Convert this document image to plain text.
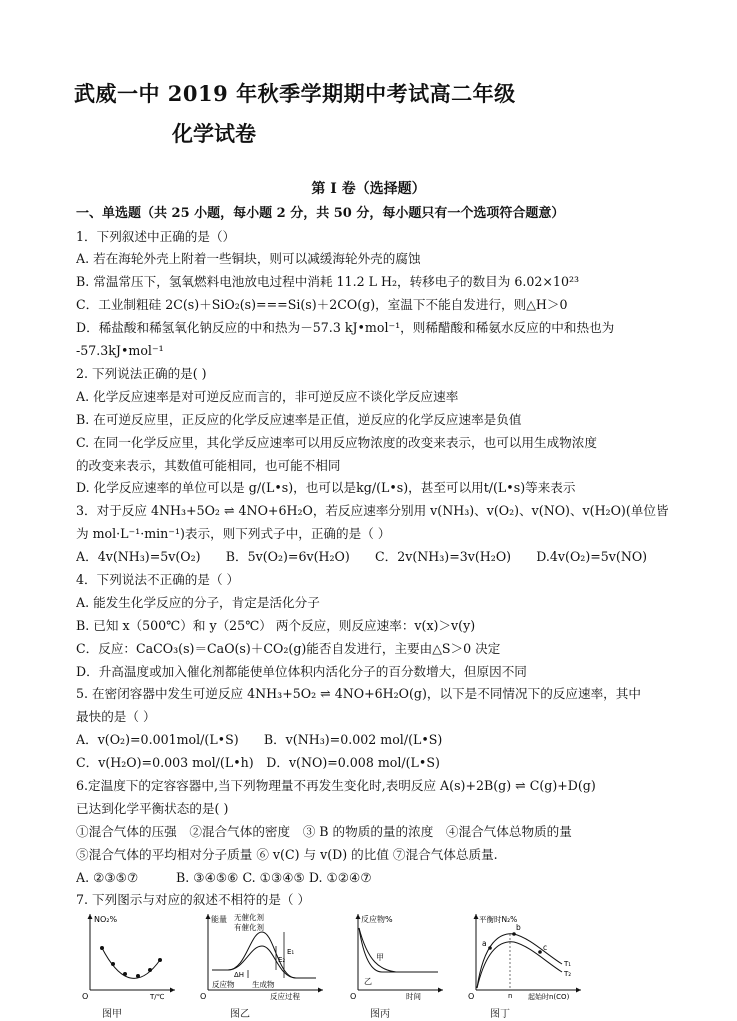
武威一中 2019 年秋季学期期中考试高二年级
化学试卷
第 I 卷（选择题）
一、单选题（共 25 小题，每小题 2 分，共 50 分，每小题只有一个选项符合题意）
1．下列叙述中正确的是（）
A. 若在海轮外壳上附着一些铜块，则可以减缓海轮外壳的腐蚀
B. 常温常压下，氢氧燃料电池放电过程中消耗 11.2 L H₂，转移电子的数目为 6.02×10²³
C．工业制粗硅 2C(s)＋SiO₂(s)===Si(s)＋2CO(g)，室温下不能自发进行，则△H＞0
D．稀盐酸和稀氢氧化钠反应的中和热为－57.3 kJ•mol⁻¹，则稀醋酸和稀氨水反应的中和热也为
-57.3kJ•mol⁻¹
2. 下列说法正确的是( )
A. 化学反应速率是对可逆反应而言的，非可逆反应不谈化学反应速率
B. 在可逆反应里，正反应的化学反应速率是正值，逆反应的化学反应速率是负值
C. 在同一化学反应里，其化学反应速率可以用反应物浓度的改变来表示，也可以用生成物浓度
的改变来表示，其数值可能相同，也可能不相同
D. 化学反应速率的单位可以是 g/(L•s)，也可以是kg/(L•s)，甚至可以用t/(L•s)等来表示
3．对于反应 4NH₃+5O₂ ⇌ 4NO+6H₂O，若反应速率分别用 v(NH₃)、v(O₂)、v(NO)、v(H₂O)(单位皆
为 mol·L⁻¹·min⁻¹)表示，则下列式子中，正确的是（ ）
A．4v(NH₃)=5v(O₂)　　B．5v(O₂)=6v(H₂O)　　C．2v(NH₃)=3v(H₂O)　　D.4v(O₂)=5v(NO)
4．下列说法不正确的是（ ）
A. 能发生化学反应的分子，肯定是活化分子
B. 已知 x（500℃）和 y（25℃） 两个反应，则反应速率：v(x)＞v(y)
C．反应：CaCO₃(s)＝CaO(s)＋CO₂(g)能否自发进行，主要由△S＞0 决定
D．升高温度或加入催化剂都能使单位体积内活化分子的百分数增大，但原因不同
5. 在密闭容器中发生可逆反应 4NH₃+5O₂ ⇌ 4NO+6H₂O(g)，以下是不同情况下的反应速率，其中
最快的是（ ）
A．v(O₂)=0.001mol/(L•S)　　B．v(NH₃)=0.002 mol/(L•S)
C．v(H₂O)=0.003 mol/(L•h)　D．v(NO)=0.008 mol/(L•S)
6.定温度下的定容容器中,当下列物理量不再发生变化时,表明反应 A(s)+2B(g) ⇌ C(g)+D(g)
已达到化学平衡状态的是( )
①混合气体的压强　②混合气体的密度　③ B 的物质的量的浓度　④混合气体总物质的量
⑤混合气体的平均相对分子质量 ⑥ v(C) 与 v(D) 的比值 ⑦混合气体总质量.
A. ②③⑤⑦　　　B. ③④⑤⑥ C. ①③④⑤ D. ①②④⑦
7. 下列图示与对应的叙述不相符的是（ ）
NO₂%
T/℃
O
图甲
能量 无催化剂
有催化剂
E₂
E₁
ΔH
反应物 生成物
反应过程
O
图乙
反应物%
甲
乙
时间
O
图丙
平衡时N₂%
a
b
c
T₁
T₂
n 起始时n(CO)
O
图丁
